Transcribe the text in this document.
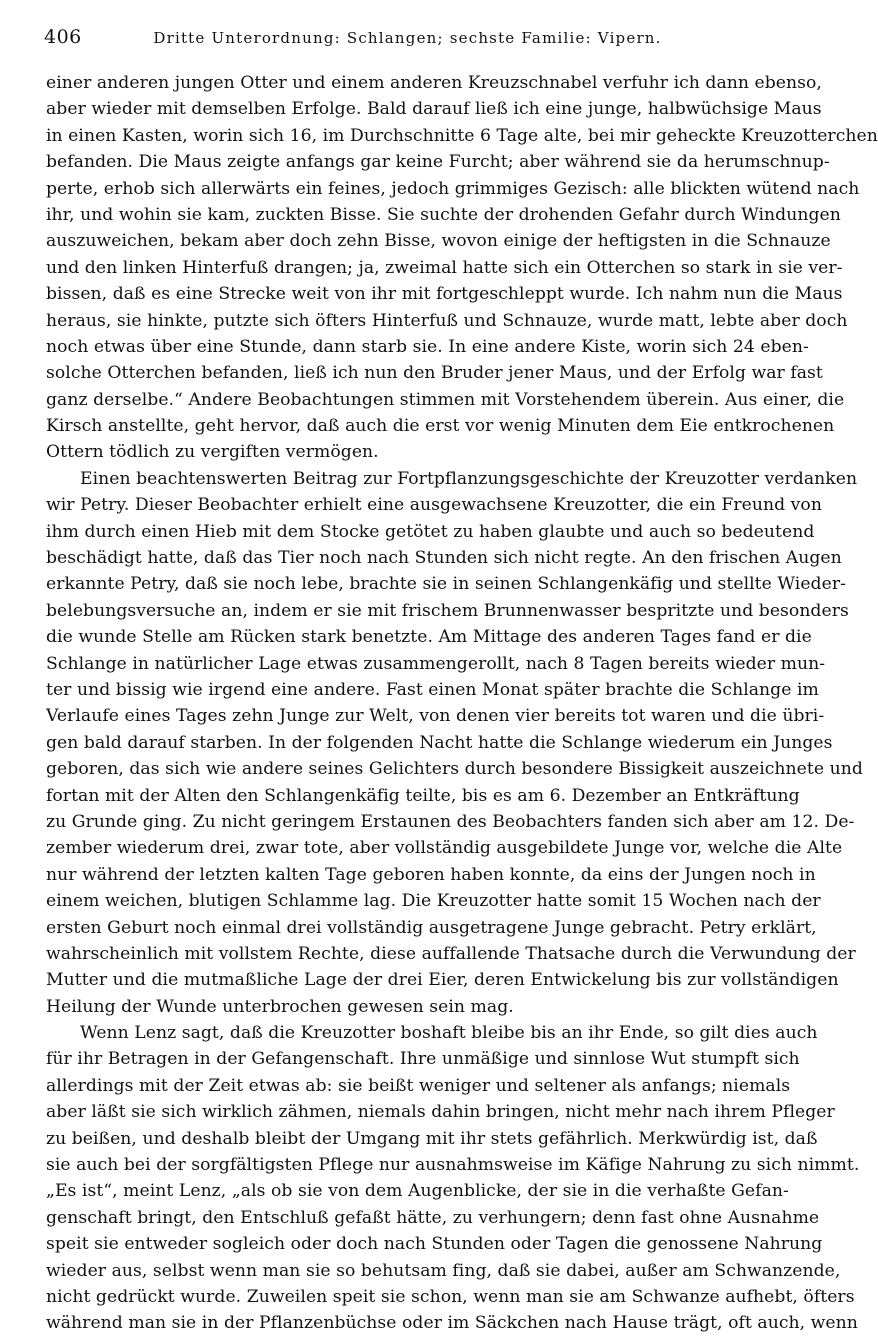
406	Dritte Unterordnung: Schlangen; sechste Familie: Vipern.
einer anderen jungen Otter und einem anderen Kreuzschnabel verfuhr ich dann ebenso,
aber wieder mit demselben Erfolge. Bald darauf ließ ich eine junge, halbwüchsige Maus
in einen Kasten, worin sich 16, im Durchschnitte 6 Tage alte, bei mir geheckte Kreuzotterchen
befanden. Die Maus zeigte anfangs gar keine Furcht; aber während sie da herumschnup-
perte, erhob sich allerwärts ein feines, jedoch grimmiges Gezisch: alle blickten wütend nach
ihr, und wohin sie kam, zuckten Bisse. Sie suchte der drohenden Gefahr durch Windungen
auszuweichen, bekam aber doch zehn Bisse, wovon einige der heftigsten in die Schnauze
und den linken Hinterfuß drangen; ja, zweimal hatte sich ein Otterchen so stark in sie ver-
bissen, daß es eine Strecke weit von ihr mit fortgeschleppt wurde. Ich nahm nun die Maus
heraus, sie hinkte, putzte sich öfters Hinterfuß und Schnauze, wurde matt, lebte aber doch
noch etwas über eine Stunde, dann starb sie. In eine andere Kiste, worin sich 24 eben-
solche Otterchen befanden, ließ ich nun den Bruder jener Maus, und der Erfolg war fast
ganz derselbe.“ Andere Beobachtungen stimmen mit Vorstehendem überein. Aus einer, die
Kirsch anstellte, geht hervor, daß auch die erst vor wenig Minuten dem Eie entkrochenen
Ottern tödlich zu vergiften vermögen.
Einen beachtenswerten Beitrag zur Fortpflanzungsgeschichte der Kreuzotter verdanken
wir Petry. Dieser Beobachter erhielt eine ausgewachsene Kreuzotter, die ein Freund von
ihm durch einen Hieb mit dem Stocke getötet zu haben glaubte und auch so bedeutend
beschädigt hatte, daß das Tier noch nach Stunden sich nicht regte. An den frischen Augen
erkannte Petry, daß sie noch lebe, brachte sie in seinen Schlangenkäfig und stellte Wieder-
belebungsversuche an, indem er sie mit frischem Brunnenwasser bespritzte und besonders
die wunde Stelle am Rücken stark benetzte. Am Mittage des anderen Tages fand er die
Schlange in natürlicher Lage etwas zusammengerollt, nach 8 Tagen bereits wieder mun-
ter und bissig wie irgend eine andere. Fast einen Monat später brachte die Schlange im
Verlaufe eines Tages zehn Junge zur Welt, von denen vier bereits tot waren und die übri-
gen bald darauf starben. In der folgenden Nacht hatte die Schlange wiederum ein Junges
geboren, das sich wie andere seines Gelichters durch besondere Bissigkeit auszeichnete und
fortan mit der Alten den Schlangenkäfig teilte, bis es am 6. Dezember an Entkräftung
zu Grunde ging. Zu nicht geringem Erstaunen des Beobachters fanden sich aber am 12. De-
zember wiederum drei, zwar tote, aber vollständig ausgebildete Junge vor, welche die Alte
nur während der letzten kalten Tage geboren haben konnte, da eins der Jungen noch in
einem weichen, blutigen Schlamme lag. Die Kreuzotter hatte somit 15 Wochen nach der
ersten Geburt noch einmal drei vollständig ausgetragene Junge gebracht. Petry erklärt,
wahrscheinlich mit vollstem Rechte, diese auffallende Thatsache durch die Verwundung der
Mutter und die mutmaßliche Lage der drei Eier, deren Entwickelung bis zur vollständigen
Heilung der Wunde unterbrochen gewesen sein mag.
Wenn Lenz sagt, daß die Kreuzotter boshaft bleibe bis an ihr Ende, so gilt dies auch
für ihr Betragen in der Gefangenschaft. Ihre unmäßige und sinnlose Wut stumpft sich
allerdings mit der Zeit etwas ab: sie beißt weniger und seltener als anfangs; niemals
aber läßt sie sich wirklich zähmen, niemals dahin bringen, nicht mehr nach ihrem Pfleger
zu beißen, und deshalb bleibt der Umgang mit ihr stets gefährlich. Merkwürdig ist, daß
sie auch bei der sorgfältigsten Pflege nur ausnahmsweise im Käfige Nahrung zu sich nimmt.
„Es ist“, meint Lenz, „als ob sie von dem Augenblicke, der sie in die verhaßte Gefan-
genschaft bringt, den Entschluß gefaßt hätte, zu verhungern; denn fast ohne Ausnahme
speit sie entweder sogleich oder doch nach Stunden oder Tagen die genossene Nahrung
wieder aus, selbst wenn man sie so behutsam fing, daß sie dabei, außer am Schwanzende,
nicht gedrückt wurde. Zuweilen speit sie schon, wenn man sie am Schwanze aufhebt, öfters
während man sie in der Pflanzenbüchse oder im Säckchen nach Hause trägt, oft auch, wenn
